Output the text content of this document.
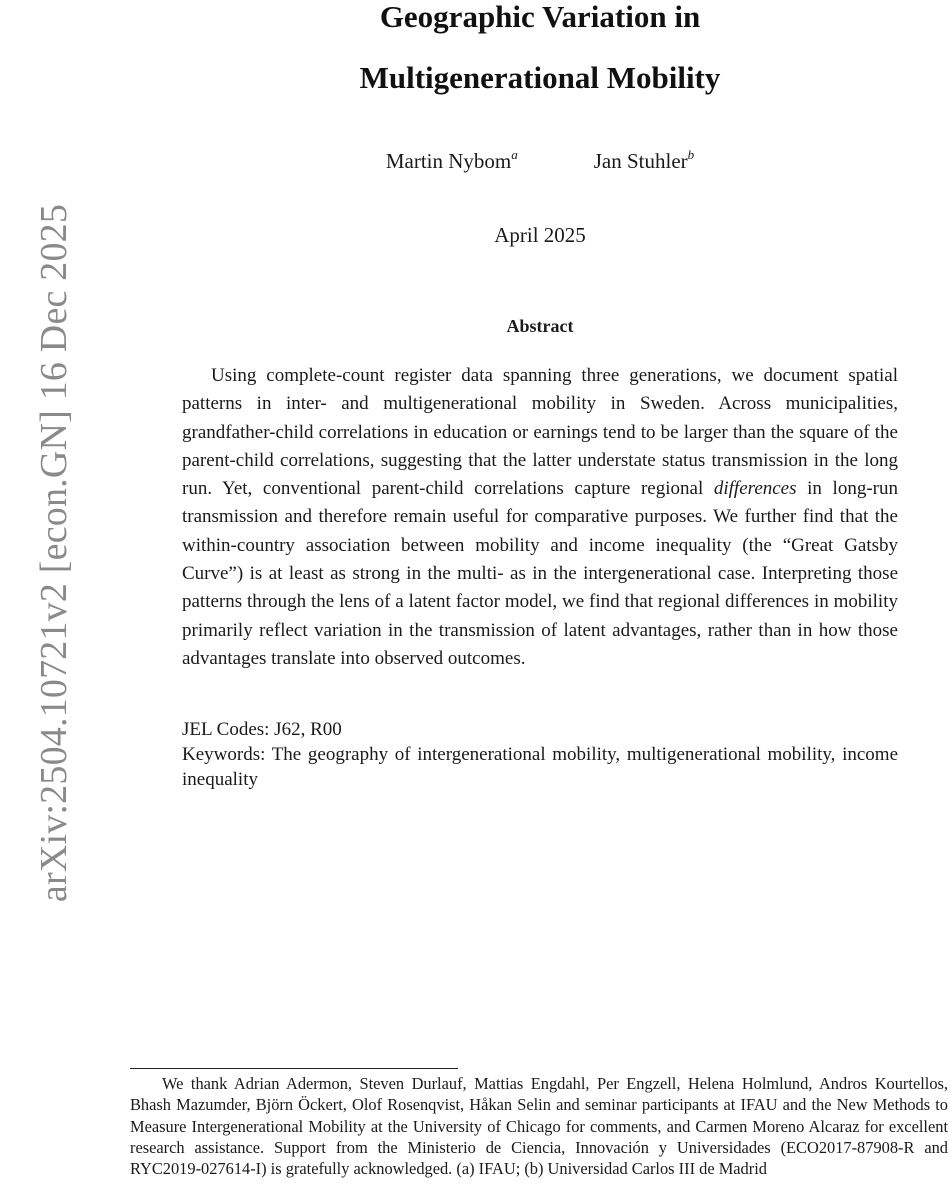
arXiv:2504.10721v2 [econ.GN] 16 Dec 2025
Geographic Variation in
Multigenerational Mobility
Martin Nybom$^a$	Jan Stuhler$^b$
April 2025
Abstract
Using complete-count register data spanning three generations, we document spatial patterns in inter- and multigenerational mobility in Sweden. Across municipalities, grandfather-child correlations in education or earnings tend to be larger than the square of the parent-child correlations, suggesting that the latter understate status transmission in the long run. Yet, conventional parent-child correlations capture regional differences in long-run transmission and therefore remain useful for comparative purposes. We further find that the within-country association between mobility and income inequality (the “Great Gatsby Curve”) is at least as strong in the multi- as in the intergenerational case. Interpreting those patterns through the lens of a latent factor model, we find that regional differences in mobility primarily reflect variation in the transmission of latent advantages, rather than in how those advantages translate into observed outcomes.
JEL Codes: J62, R00
Keywords: The geography of intergenerational mobility, multigenerational mobility, income inequality
We thank Adrian Adermon, Steven Durlauf, Mattias Engdahl, Per Engzell, Helena Holmlund, Andros Kourtellos, Bhash Mazumder, Björn Öckert, Olof Rosenqvist, Håkan Selin and seminar participants at IFAU and the New Methods to Measure Intergenerational Mobility at the University of Chicago for comments, and Carmen Moreno Alcaraz for excellent research assistance. Support from the Ministerio de Ciencia, Innovación y Universidades (ECO2017-87908-R and RYC2019-027614-I) is gratefully acknowledged. (a) IFAU; (b) Universidad Carlos III de Madrid
